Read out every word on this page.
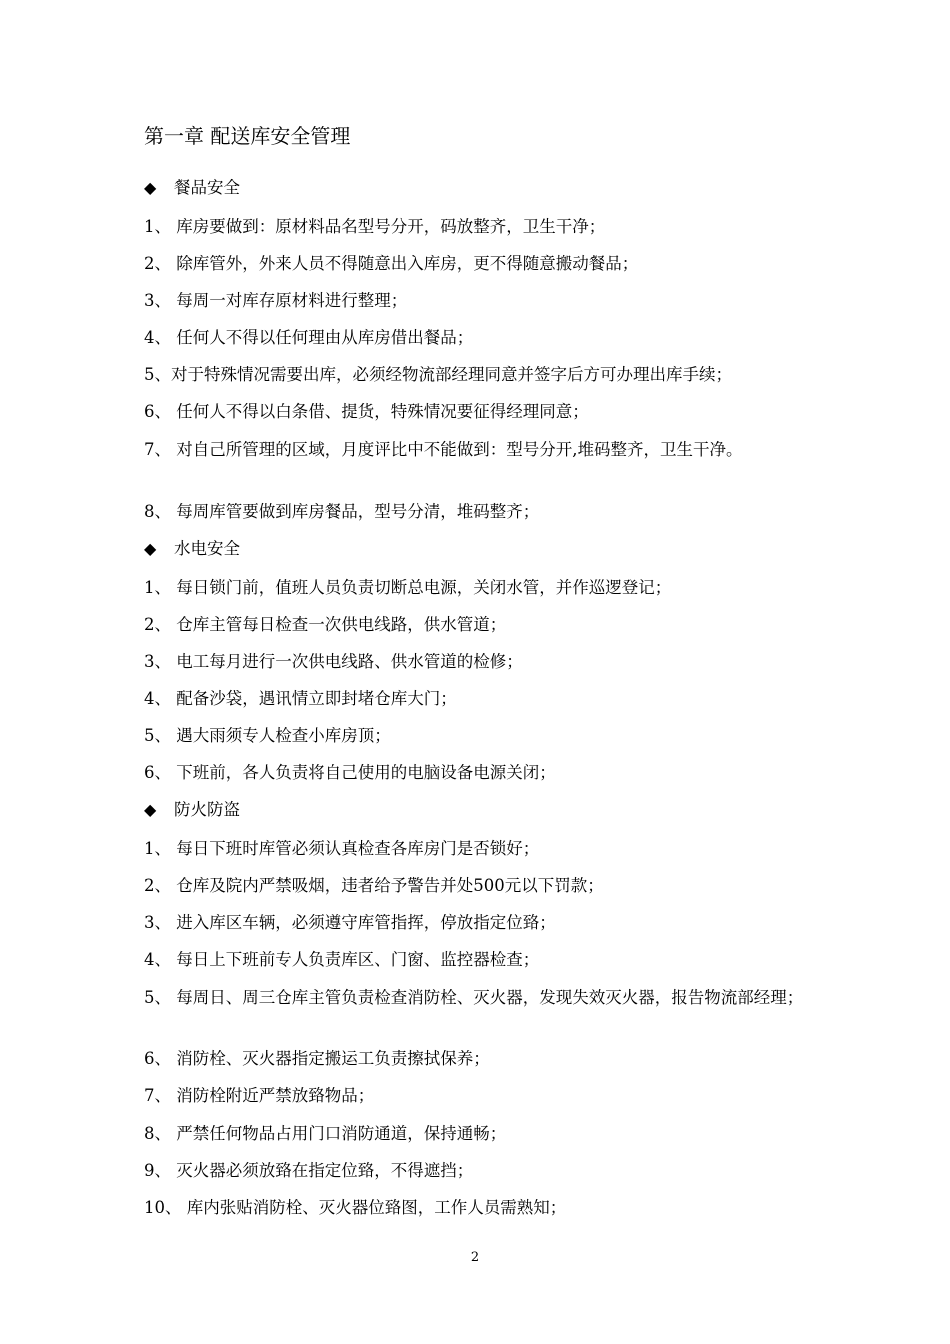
第一章 配送库安全管理
◆ 餐品安全
1、 库房要做到：原材料品名型号分开，码放整齐，卫生干净；
2、 除库管外，外来人员不得随意出入库房，更不得随意搬动餐品；
3、 每周一对库存原材料进行整理；
4、 任何人不得以任何理由从库房借出餐品；
5、对于特殊情况需要出库，必须经物流部经理同意并签字后方可办理出库手续；
6、 任何人不得以白条借、提货，特殊情况要征得经理同意；
7、 对自己所管理的区域，月度评比中不能做到：型号分开,堆码整齐，卫生干净。
8、 每周库管要做到库房餐品，型号分清，堆码整齐；
◆ 水电安全
1、 每日锁门前，值班人员负责切断总电源，关闭水管，并作巡逻登记；
2、 仓库主管每日检查一次供电线路，供水管道；
3、 电工每月进行一次供电线路、供水管道的检修；
4、 配备沙袋，遇讯情立即封堵仓库大门；
5、 遇大雨须专人检查小库房顶；
6、 下班前，各人负责将自己使用的电脑设备电源关闭；
◆ 防火防盗
1、 每日下班时库管必须认真检查各库房门是否锁好；
2、 仓库及院内严禁吸烟，违者给予警告并处500元以下罚款；
3、 进入库区车辆，必须遵守库管指挥，停放指定位臵；
4、 每日上下班前专人负责库区、门窗、监控器检查；
5、 每周日、周三仓库主管负责检查消防栓、灭火器，发现失效灭火器，报告物流部经理；
6、 消防栓、灭火器指定搬运工负责擦拭保养；
7、 消防栓附近严禁放臵物品；
8、 严禁任何物品占用门口消防通道，保持通畅；
9、 灭火器必须放臵在指定位臵，不得遮挡；
10、 库内张贴消防栓、灭火器位臵图，工作人员需熟知；
2
